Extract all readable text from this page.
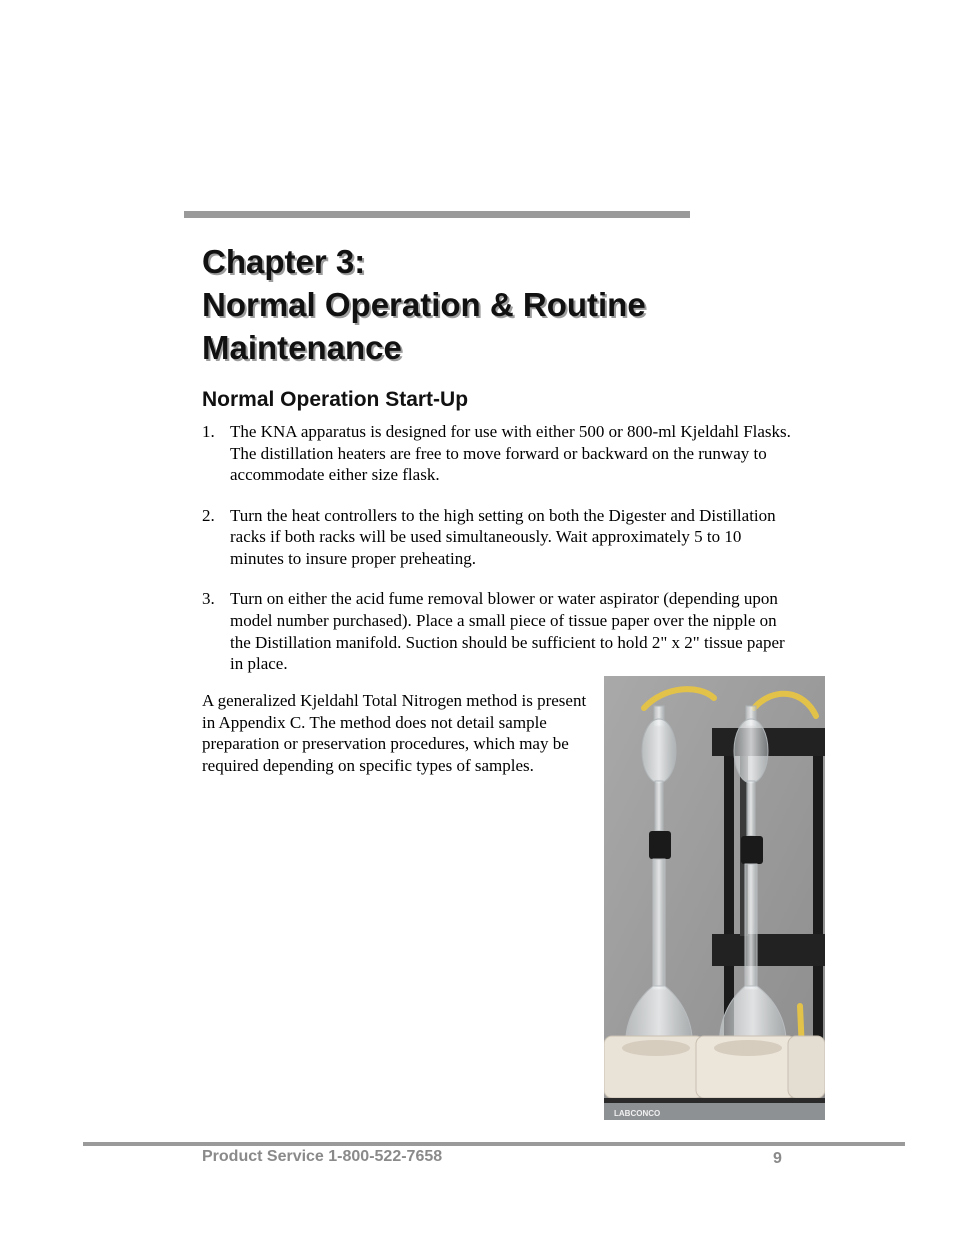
Chapter 3:
Normal Operation & Routine
Maintenance
Normal Operation Start-Up
1. The KNA apparatus is designed for use with either 500 or 800-ml Kjeldahl Flasks. The distillation heaters are free to move forward or backward on the runway to accommodate either size flask.
2. Turn the heat controllers to the high setting on both the Digester and Distillation racks if both racks will be used simultaneously. Wait approximately 5 to 10 minutes to insure proper preheating.
3. Turn on either the acid fume removal blower or water aspirator (depending upon model number purchased). Place a small piece of tissue paper over the nipple on the Distillation manifold. Suction should be sufficient to hold 2" x 2" tissue paper in place.

A generalized Kjeldahl Total Nitrogen method is present in Appendix C. The method does not detail sample preparation or preservation procedures, which may be required depending on specific types of samples.

LABCONCO
Product Service 1-800-522-7658	9
